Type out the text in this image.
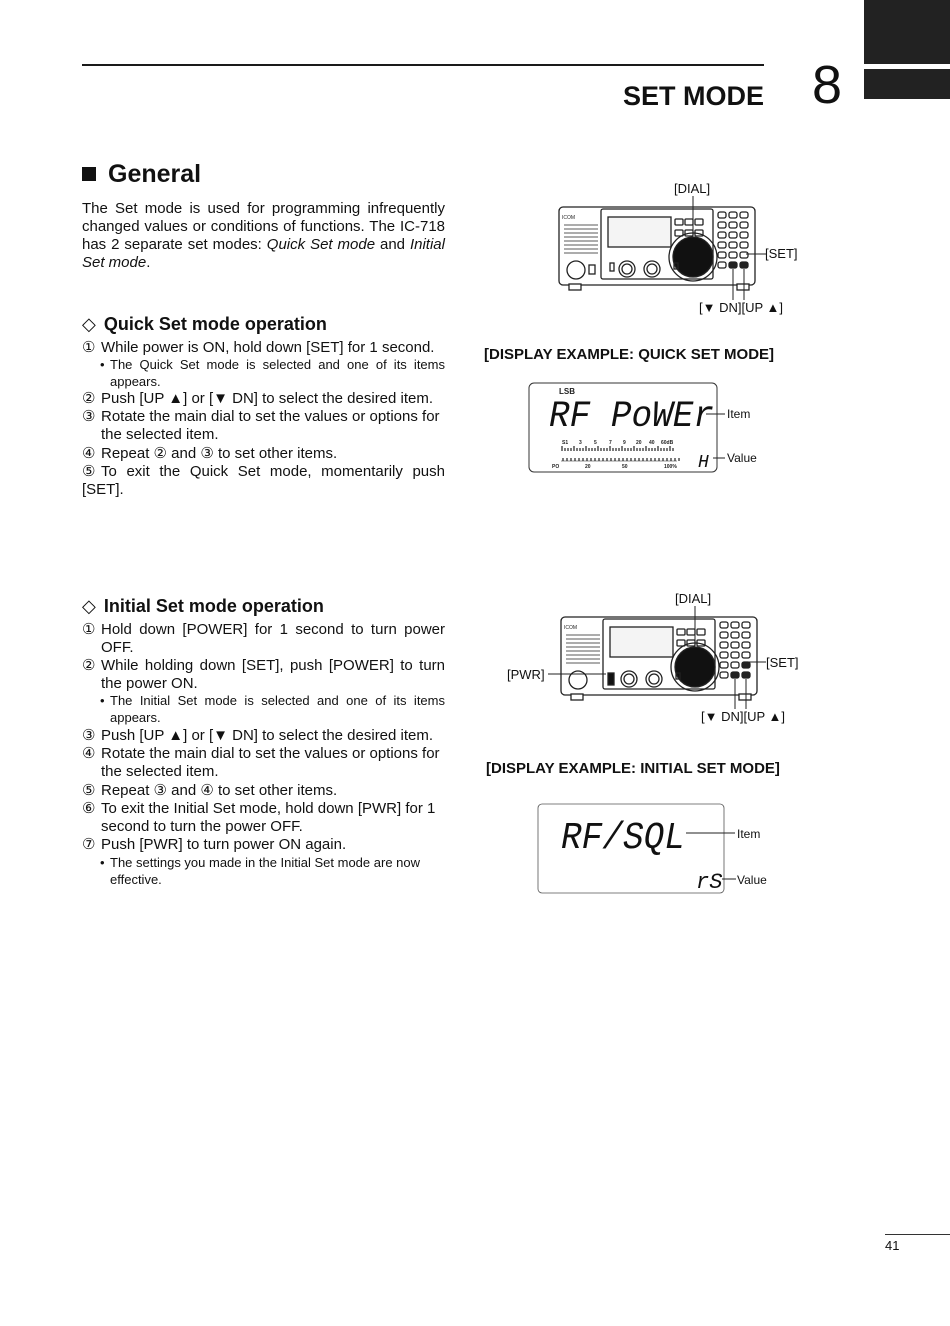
8
SET MODE
General
The Set mode is used for programming infrequently
changed values or conditions of functions. The IC-718
has 2 separate set modes: Quick Set mode and Initial
Set mode.
◇ Quick Set mode operation
① While power is ON, hold down [SET] for 1 second.
• The Quick Set mode is selected and one of its items appears.
② Push [UP ▲] or [▼ DN] to select the desired item.
③ Rotate the main dial to set the values or options for the selected item.
④ Repeat ② and ③ to set other items.
⑤ To exit the Quick Set mode, momentarily push [SET].
◇ Initial Set mode operation
① Hold down [POWER] for 1 second to turn power OFF.
② While holding down [SET], push [POWER] to turn the power ON.
• The Initial Set mode is selected and one of its items appears.
③ Push [UP ▲] or [▼ DN] to select the desired item.
④ Rotate the main dial to set the values or options for the selected item.
⑤ Repeat ③ and ④ to set other items.
⑥ To exit the Initial Set mode, hold down [PWR] for 1 second to turn the power OFF.
⑦ Push [PWR] to turn power ON again.
• The settings you made in the Initial Set mode are now effective.
ICOM
[DIAL]
[SET]
[▼ DN][UP ▲]
[DISPLAY EXAMPLE: QUICK SET MODE]
LSB
RF PoWEr
S1 3 5 7 9 20 40 60dB
PO	20	50	100% H
Item
Value
ICOM
[DIAL]
[SET]
[PWR]
[▼ DN][UP ▲]
[DISPLAY EXAMPLE: INITIAL SET MODE]
RF/SQL
rS
Item
Value
41
